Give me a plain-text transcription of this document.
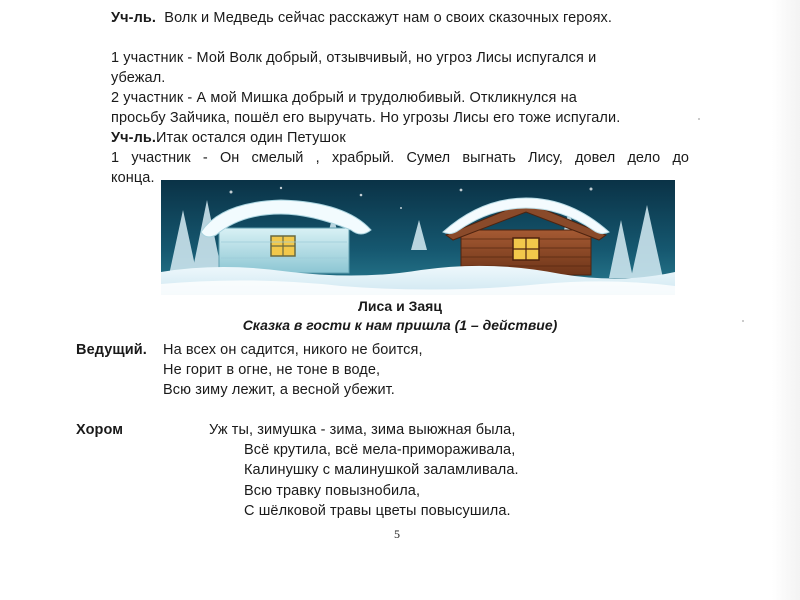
Уч-ль. Волк и Медведь сейчас расскажут нам о своих сказочных героях.
1 участник - Мой Волк добрый, отзывчивый, но угроз Лисы испугался и
убежал.
2 участник - А мой Мишка добрый и трудолюбивый. Откликнулся на
просьбу Зайчика, пошёл его выручать. Но угрозы Лисы его тоже испугали.
Уч-ль.Итак остался один Петушок
1 участник - Он смелый , храбрый. Сумел выгнать Лису, довел дело до
конца.
Лиса и Заяц
Сказка в гости к нам пришла (1 – действие)
Ведущий. На всех он садится, никого не боится,
Не горит в огне, не тоне в воде,
Всю зиму лежит, а весной убежит.
Хором	Уж ты, зимушка - зима, зима выюжная была,
Всё крутила, всё мела-приморaживала,
Калинушку с малинушкой заламливала.
Всю травку повызнобила,
С шёлковой травы цветы повысушила.
5
